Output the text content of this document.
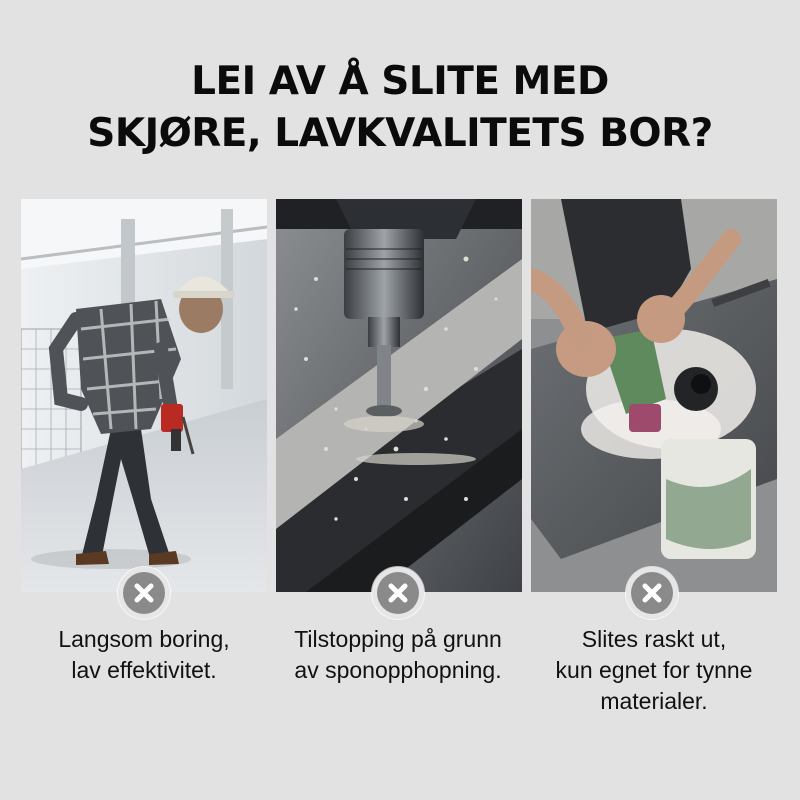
LEI AV Å SLITE MED
SKJØRE, LAVKVALITETS BOR?
Langsom boring,
lav effektivitet.
Tilstopping på grunn
av sponopphopning.
Slites raskt ut,
kun egnet for tynne
materialer.
